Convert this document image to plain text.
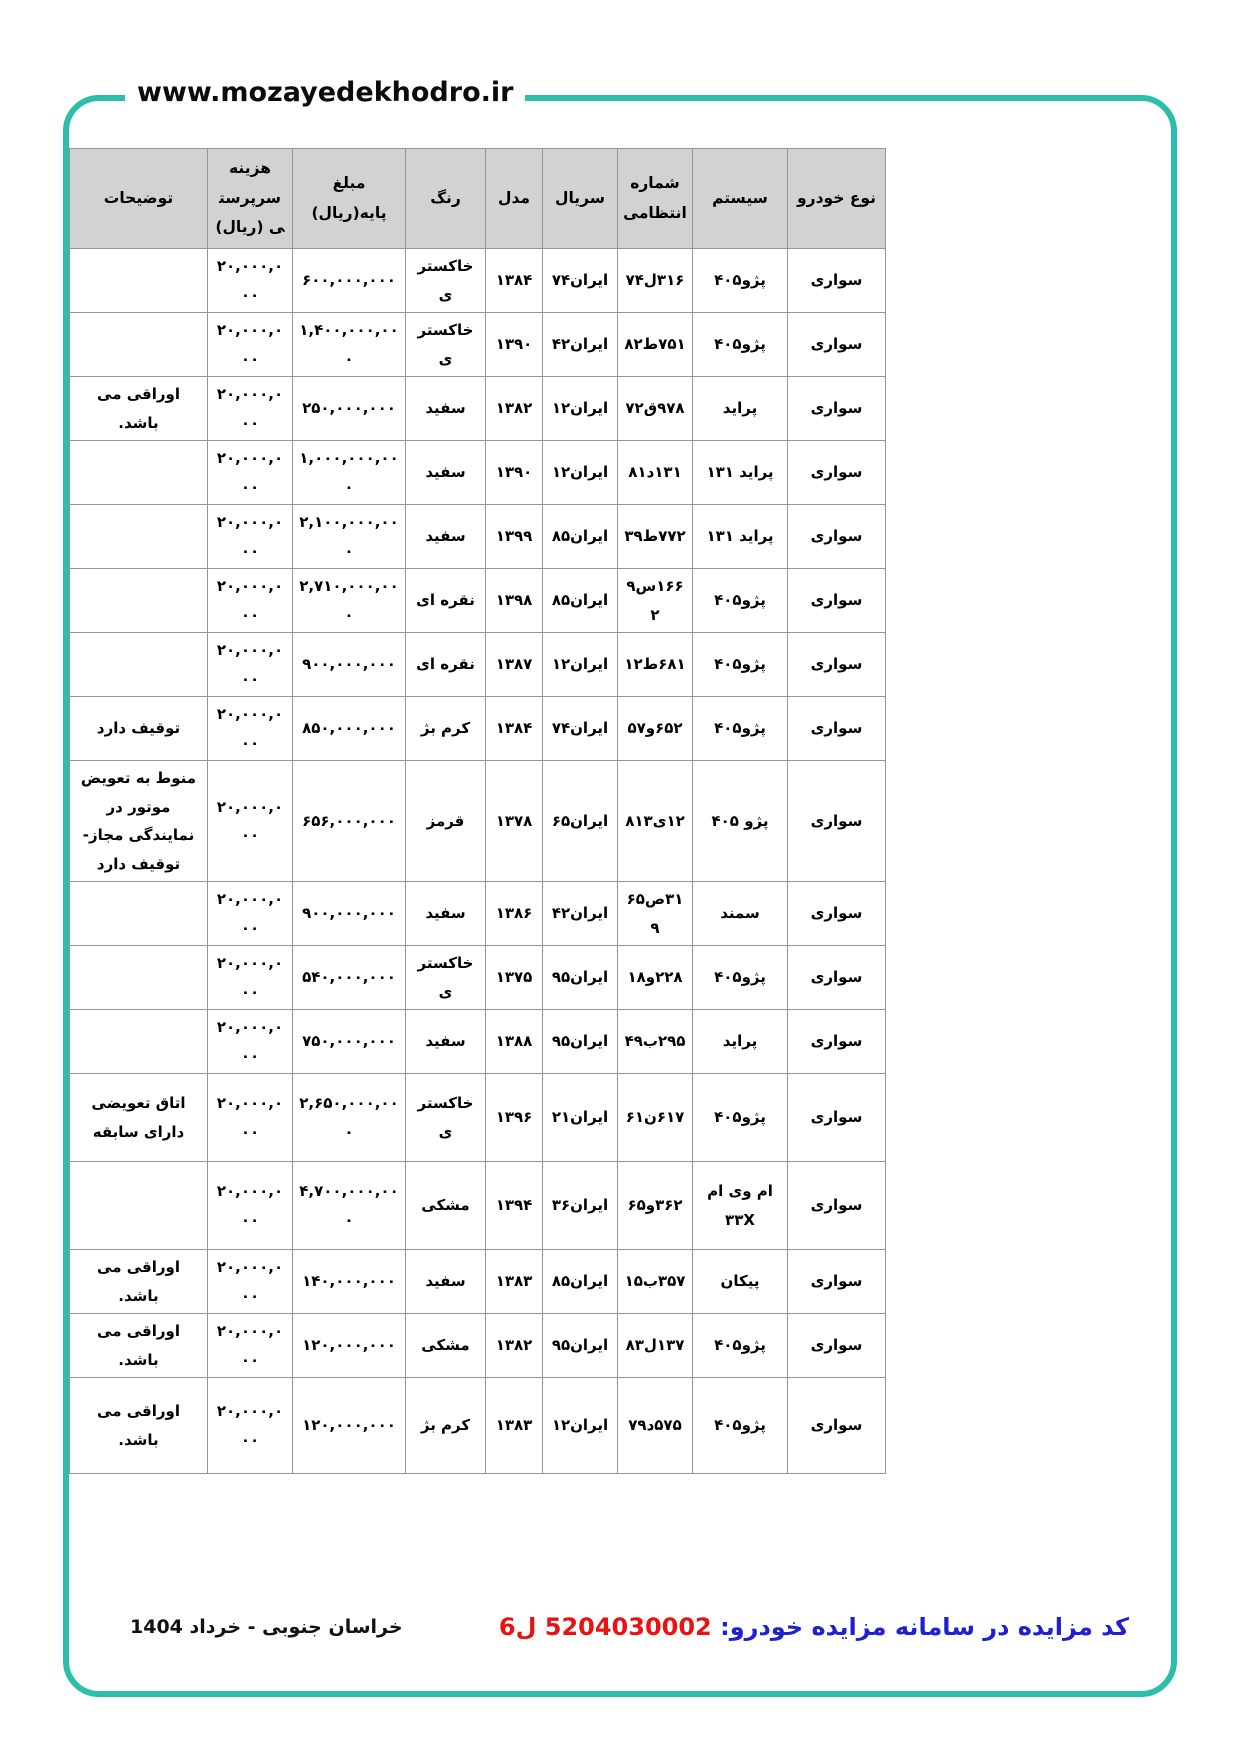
www.mozayedekhodro.ir
نوع خودرو	سیستم	شماره انتظامی	سریال	مدل	رنگ	مبلغ پایه(ریال)	هزینه سرپرستی (ریال)	توضیحات
سواری	پژو۴۰۵	۳۱۶ل۷۴	ایران۷۴	۱۳۸۴	خاکستری	۶۰۰,۰۰۰,۰۰۰	۲۰,۰۰۰,۰۰۰	
سواری	پژو۴۰۵	۷۵۱ط۸۲	ایران۴۲	۱۳۹۰	خاکستری	۱,۴۰۰,۰۰۰,۰۰۰	۲۰,۰۰۰,۰۰۰	
سواری	پراید	۹۷۸ق۷۲	ایران۱۲	۱۳۸۲	سفید	۲۵۰,۰۰۰,۰۰۰	۲۰,۰۰۰,۰۰۰	اوراقی می باشد.
سواری	پراید ۱۳۱	۱۳۱د۸۱	ایران۱۲	۱۳۹۰	سفید	۱,۰۰۰,۰۰۰,۰۰۰	۲۰,۰۰۰,۰۰۰	
سواری	پراید ۱۳۱	۷۷۲ط۳۹	ایران۸۵	۱۳۹۹	سفید	۲,۱۰۰,۰۰۰,۰۰۰	۲۰,۰۰۰,۰۰۰	
سواری	پژو۴۰۵	۱۶۶س۹۲	ایران۸۵	۱۳۹۸	نقره ای	۲,۷۱۰,۰۰۰,۰۰۰	۲۰,۰۰۰,۰۰۰	
سواری	پژو۴۰۵	۶۸۱ط۱۲	ایران۱۲	۱۳۸۷	نقره ای	۹۰۰,۰۰۰,۰۰۰	۲۰,۰۰۰,۰۰۰	
سواری	پژو۴۰۵	۶۵۲و۵۷	ایران۷۴	۱۳۸۴	کرم بژ	۸۵۰,۰۰۰,۰۰۰	۲۰,۰۰۰,۰۰۰	توقیف دارد
سواری	پژو ۴۰۵	۱۲ی۸۱۳	ایران۶۵	۱۳۷۸	قرمز	۶۵۶,۰۰۰,۰۰۰	۲۰,۰۰۰,۰۰۰	منوط به تعویض موتور در نمایندگی مجاز-توقیف دارد
سواری	سمند	۳۱ص۶۵۹	ایران۴۲	۱۳۸۶	سفید	۹۰۰,۰۰۰,۰۰۰	۲۰,۰۰۰,۰۰۰	
سواری	پژو۴۰۵	۲۲۸و۱۸	ایران۹۵	۱۳۷۵	خاکستری	۵۴۰,۰۰۰,۰۰۰	۲۰,۰۰۰,۰۰۰	
سواری	پراید	۲۹۵ب۴۹	ایران۹۵	۱۳۸۸	سفید	۷۵۰,۰۰۰,۰۰۰	۲۰,۰۰۰,۰۰۰	
سواری	پژو۴۰۵	۶۱۷ن۶۱	ایران۲۱	۱۳۹۶	خاکستری	۲,۶۵۰,۰۰۰,۰۰۰	۲۰,۰۰۰,۰۰۰	اتاق تعویضی دارای سابقه
سواری	ام وی ام ۳۳X	۳۶۲و۶۵	ایران۳۶	۱۳۹۴	مشکی	۴,۷۰۰,۰۰۰,۰۰۰	۲۰,۰۰۰,۰۰۰	
سواری	پیکان	۳۵۷ب۱۵	ایران۸۵	۱۳۸۳	سفید	۱۴۰,۰۰۰,۰۰۰	۲۰,۰۰۰,۰۰۰	اوراقی می باشد.
سواری	پژو۴۰۵	۱۳۷ل۸۳	ایران۹۵	۱۳۸۲	مشکی	۱۲۰,۰۰۰,۰۰۰	۲۰,۰۰۰,۰۰۰	اوراقی می باشد.
سواری	پژو۴۰۵	۵۷۵د۷۹	ایران۱۲	۱۳۸۳	کرم بژ	۱۲۰,۰۰۰,۰۰۰	۲۰,۰۰۰,۰۰۰	اوراقی می باشد.
خراسان جنوبی - خرداد 1404	کد مزایده در سامانه مزایده خودرو: 5204030002 ل6
